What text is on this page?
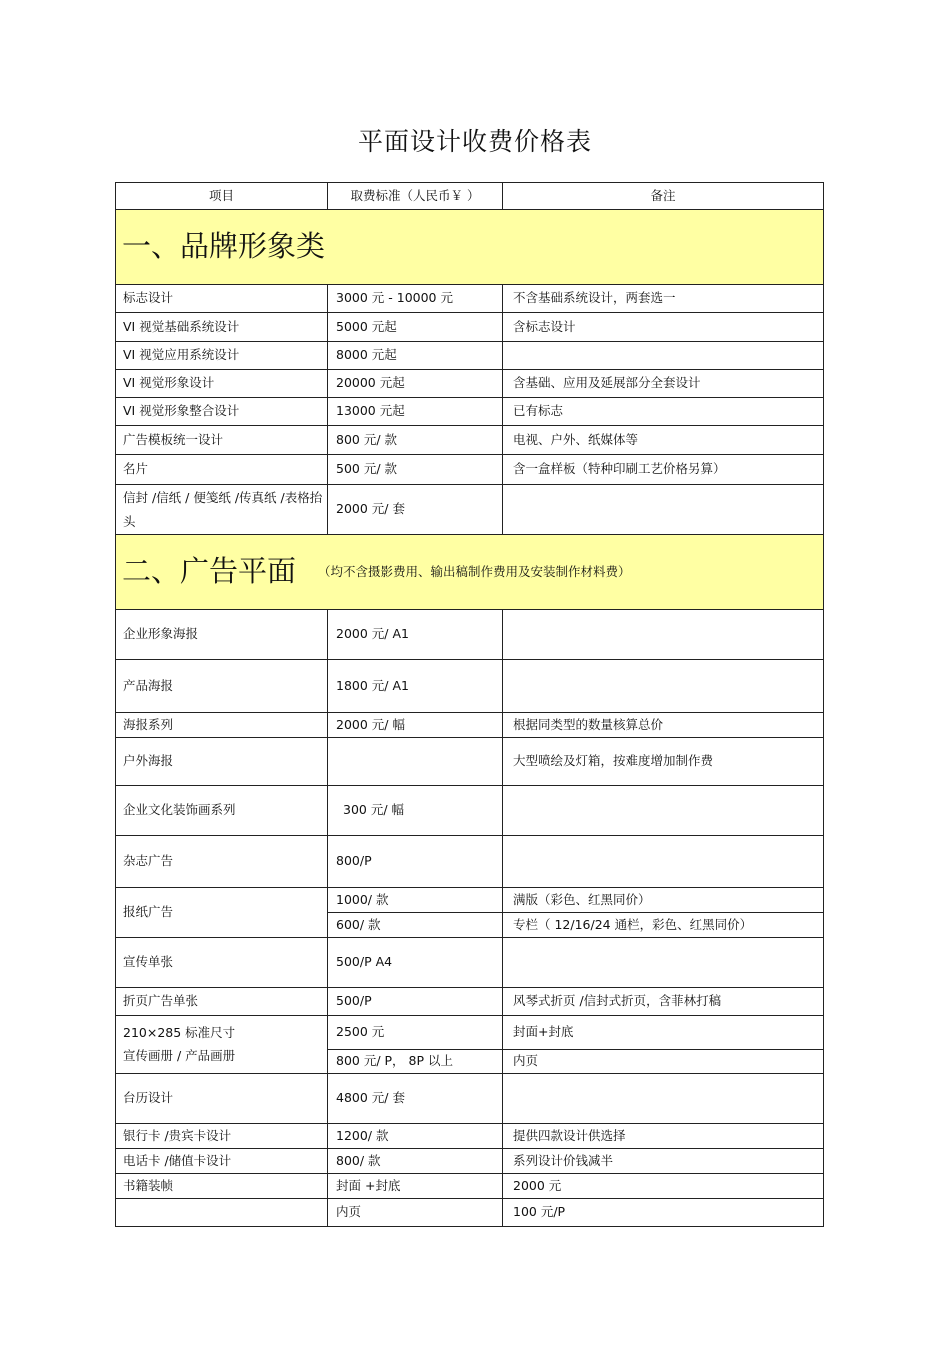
平面设计收费价格表
项目	取费标准（人民币￥ ）	备注
一、品牌形象类		
标志设计	3000 元 - 10000 元	不含基础系统设计，两套选一
VI 视觉基础系统设计	5000 元起	含标志设计
VI 视觉应用系统设计	8000 元起	
VI 视觉形象设计	20000 元起	含基础、应用及延展部分全套设计
VI 视觉形象整合设计	13000 元起	已有标志
广告模板统一设计	800 元/ 款	电视、户外、纸媒体等
名片	500 元/ 款	含一盒样板（特种印刷工艺价格另算）
信封 /信纸 / 便笺纸 /传真纸 /表格抬头	2000 元/ 套	
二、广告平面 （均不含摄影费用、输出稿制作费用及安装制作材料费）		
企业形象海报	2000 元/ A1	
产品海报	1800 元/ A1	
海报系列	2000 元/ 幅	根据同类型的数量核算总价
户外海报		大型喷绘及灯箱，按难度增加制作费
企业文化装饰画系列	300 元/ 幅	
杂志广告	800/P	
报纸广告	1000/ 款	满版（彩色、红黑同价）
	600/ 款	专栏（ 12/16/24 通栏，彩色、红黑同价）
宣传单张	500/P A4	
折页广告单张	500/P	风琴式折页 /信封式折页，含菲林打稿
210×285 标准尺寸
宣传画册 / 产品画册	2500 元	封面+封底
	800 元/ P， 8P 以上	内页
台历设计	4800 元/ 套	
银行卡 /贵宾卡设计	1200/ 款	提供四款设计供选择
电话卡 /储值卡设计	800/ 款	系列设计价钱减半
书籍装帧	封面 +封底	2000 元
	内页	100 元/P
